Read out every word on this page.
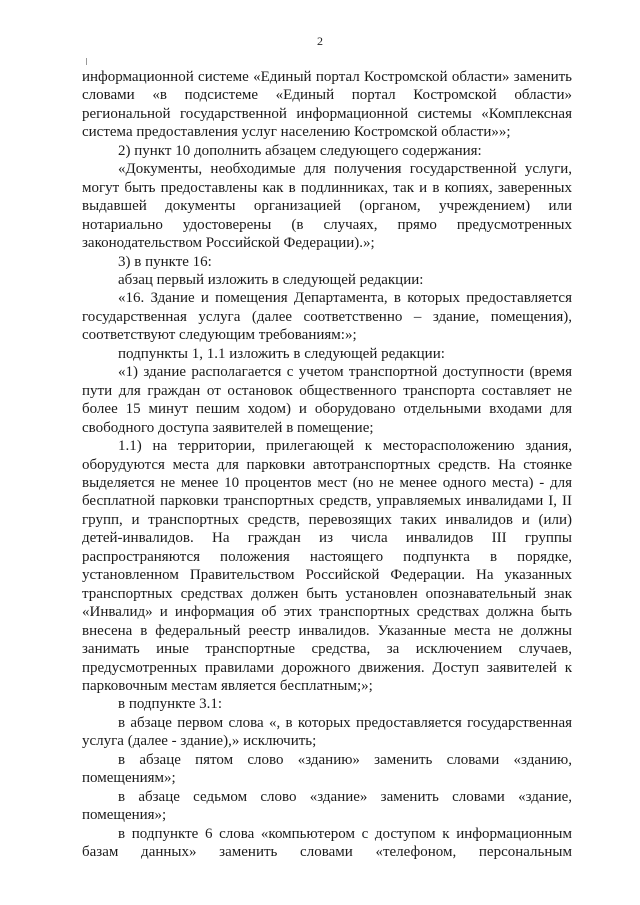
2

информационной системе «Единый портал Костромской области» заменить словами «в подсистеме «Единый портал Костромской области» региональной государственной информационной системы «Комплексная система предоставления услуг населению Костромской области»»;

2) пункт 10 дополнить абзацем следующего содержания:

«Документы, необходимые для получения государственной услуги, могут быть предоставлены как в подлинниках, так и в копиях, заверенных выдавшей документы организацией (органом, учреждением) или нотариально удостоверены (в случаях, прямо предусмотренных законодательством Российской Федерации).»;

3) в пункте 16:

абзац первый изложить в следующей редакции:

«16. Здание и помещения Департамента, в которых предоставляется государственная услуга (далее соответственно – здание, помещения), соответствуют следующим требованиям:»;

подпункты 1, 1.1 изложить в следующей редакции:

«1) здание располагается с учетом транспортной доступности (время пути для граждан от остановок общественного транспорта составляет не более 15 минут пешим ходом) и оборудовано отдельными входами для свободного доступа заявителей в помещение;

1.1) на территории, прилегающей к месторасположению здания, оборудуются места для парковки автотранспортных средств. На стоянке выделяется не менее 10 процентов мест (но не менее одного места) - для бесплатной парковки транспортных средств, управляемых инвалидами I, II групп, и транспортных средств, перевозящих таких инвалидов и (или) детей-инвалидов. На граждан из числа инвалидов III группы распространяются положения настоящего подпункта в порядке, установленном Правительством Российской Федерации. На указанных транспортных средствах должен быть установлен опознавательный знак «Инвалид» и информация об этих транспортных средствах должна быть внесена в федеральный реестр инвалидов. Указанные места не должны занимать иные транспортные средства, за исключением случаев, предусмотренных правилами дорожного движения. Доступ заявителей к парковочным местам является бесплатным;»;

в подпункте 3.1:

в абзаце первом слова «, в которых предоставляется государственная услуга (далее - здание),» исключить;

в абзаце пятом слово «зданию» заменить словами «зданию, помещениям»;

в абзаце седьмом слово «здание» заменить словами «здание, помещения»;

в подпункте 6 слова «компьютером с доступом к информационным базам данных» заменить словами «телефоном, персональным
